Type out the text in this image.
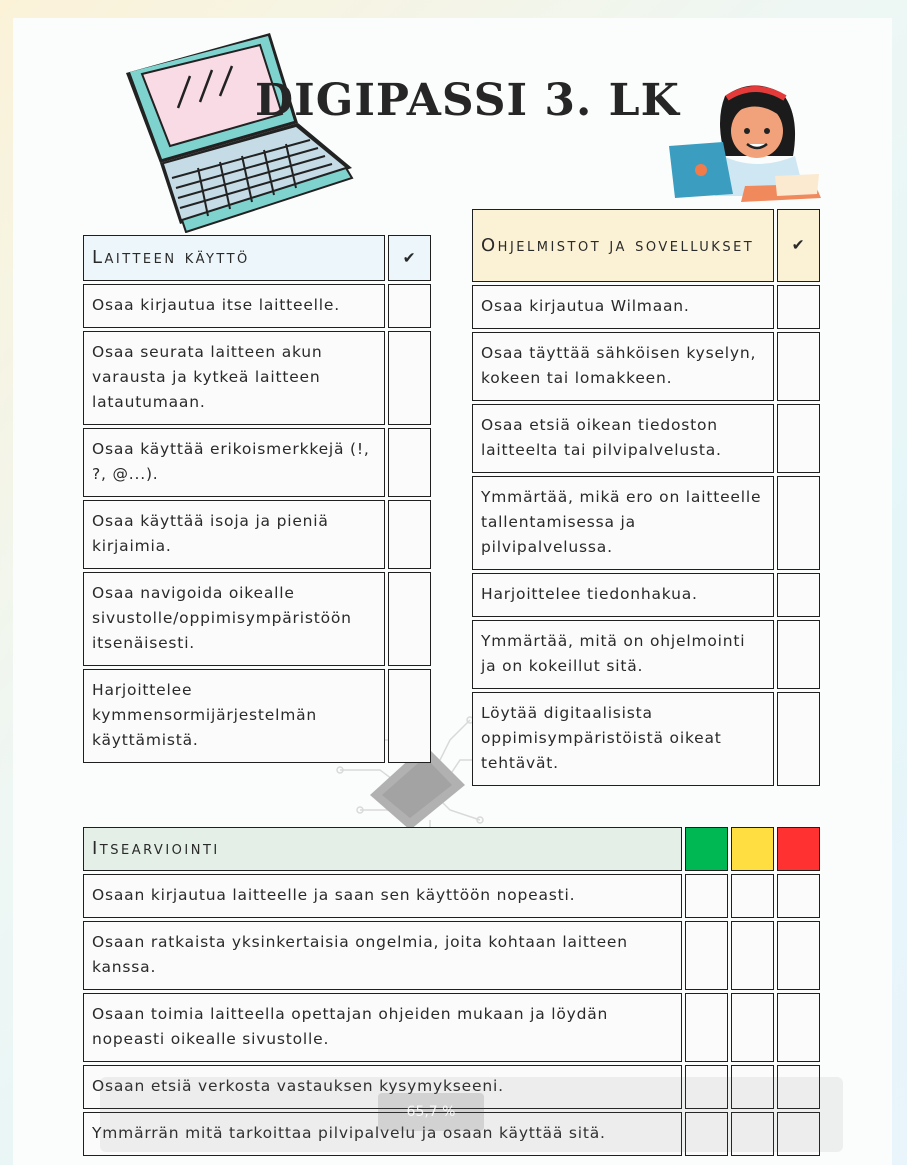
DIGIPASSI 3. LK
Laitteen käyttö	✔
Osaa kirjautua itse laitteelle.	
Osaa seurata laitteen akun varausta ja kytkeä laitteen latautumaan.	
Osaa käyttää erikoismerkkejä (!, ?, @...).	
Osaa käyttää isoja ja pieniä kirjaimia.	
Osaa navigoida oikealle sivustolle/oppimisympäristöön itsenäisesti.	
Harjoittelee kymmensormijärjestelmän käyttämistä.	
Ohjelmistot ja sovellukset	✔
Osaa kirjautua Wilmaan.	
Osaa täyttää sähköisen kyselyn, kokeen tai lomakkeen.	
Osaa etsiä oikean tiedoston laitteelta tai pilvipalvelusta.	
Ymmärtää, mikä ero on laitteelle tallentamisessa ja pilvipalvelussa.	
Harjoittelee tiedonhakua.	
Ymmärtää, mitä on ohjelmointi ja on kokeillut sitä.	
Löytää digitaalisista oppimisympäristöistä oikeat tehtävät.	
Itsearviointi			
Osaan kirjautua laitteelle ja saan sen käyttöön nopeasti.			
Osaan ratkaista yksinkertaisia ongelmia, joita kohtaan laitteen kanssa.			
Osaan toimia laitteella opettajan ohjeiden mukaan ja löydän nopeasti oikealle sivustolle.			
Osaan etsiä verkosta vastauksen kysymykseeni.			
Ymmärrän mitä tarkoittaa pilvipalvelu ja osaan käyttää sitä.			
65,7 %
